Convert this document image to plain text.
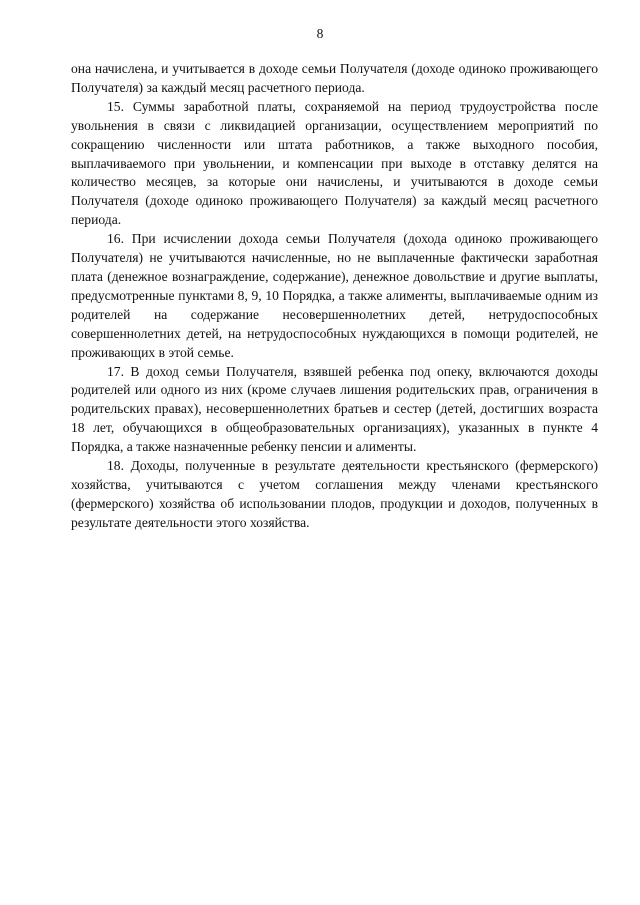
8

она начислена, и учитывается в доходе семьи Получателя (доходе одиноко проживающего Получателя) за каждый месяц расчетного периода.

15. Суммы заработной платы, сохраняемой на период трудоустройства после увольнения в связи с ликвидацией организации, осуществлением мероприятий по сокращению численности или штата работников, а также выходного пособия, выплачиваемого при увольнении, и компенсации при выходе в отставку делятся на количество месяцев, за которые они начислены, и учитываются в доходе семьи Получателя (доходе одиноко проживающего Получателя) за каждый месяц расчетного периода.

16. При исчислении дохода семьи Получателя (дохода одиноко проживающего Получателя) не учитываются начисленные, но не выплаченные фактически заработная плата (денежное вознаграждение, содержание), денежное довольствие и другие выплаты, предусмотренные пунктами 8, 9, 10 Порядка, а также алименты, выплачиваемые одним из родителей на содержание несовершеннолетних детей, нетрудоспособных совершеннолетних детей, на нетрудоспособных нуждающихся в помощи родителей, не проживающих в этой семье.

17. В доход семьи Получателя, взявшей ребенка под опеку, включаются доходы родителей или одного из них (кроме случаев лишения родительских прав, ограничения в родительских правах), несовершеннолетних братьев и сестер (детей, достигших возраста 18 лет, обучающихся в общеобразовательных организациях), указанных в пункте 4 Порядка, а также назначенные ребенку пенсии и алименты.

18. Доходы, полученные в результате деятельности крестьянского (фермерского) хозяйства, учитываются с учетом соглашения между членами крестьянского (фермерского) хозяйства об использовании плодов, продукции и доходов, полученных в результате деятельности этого хозяйства.
